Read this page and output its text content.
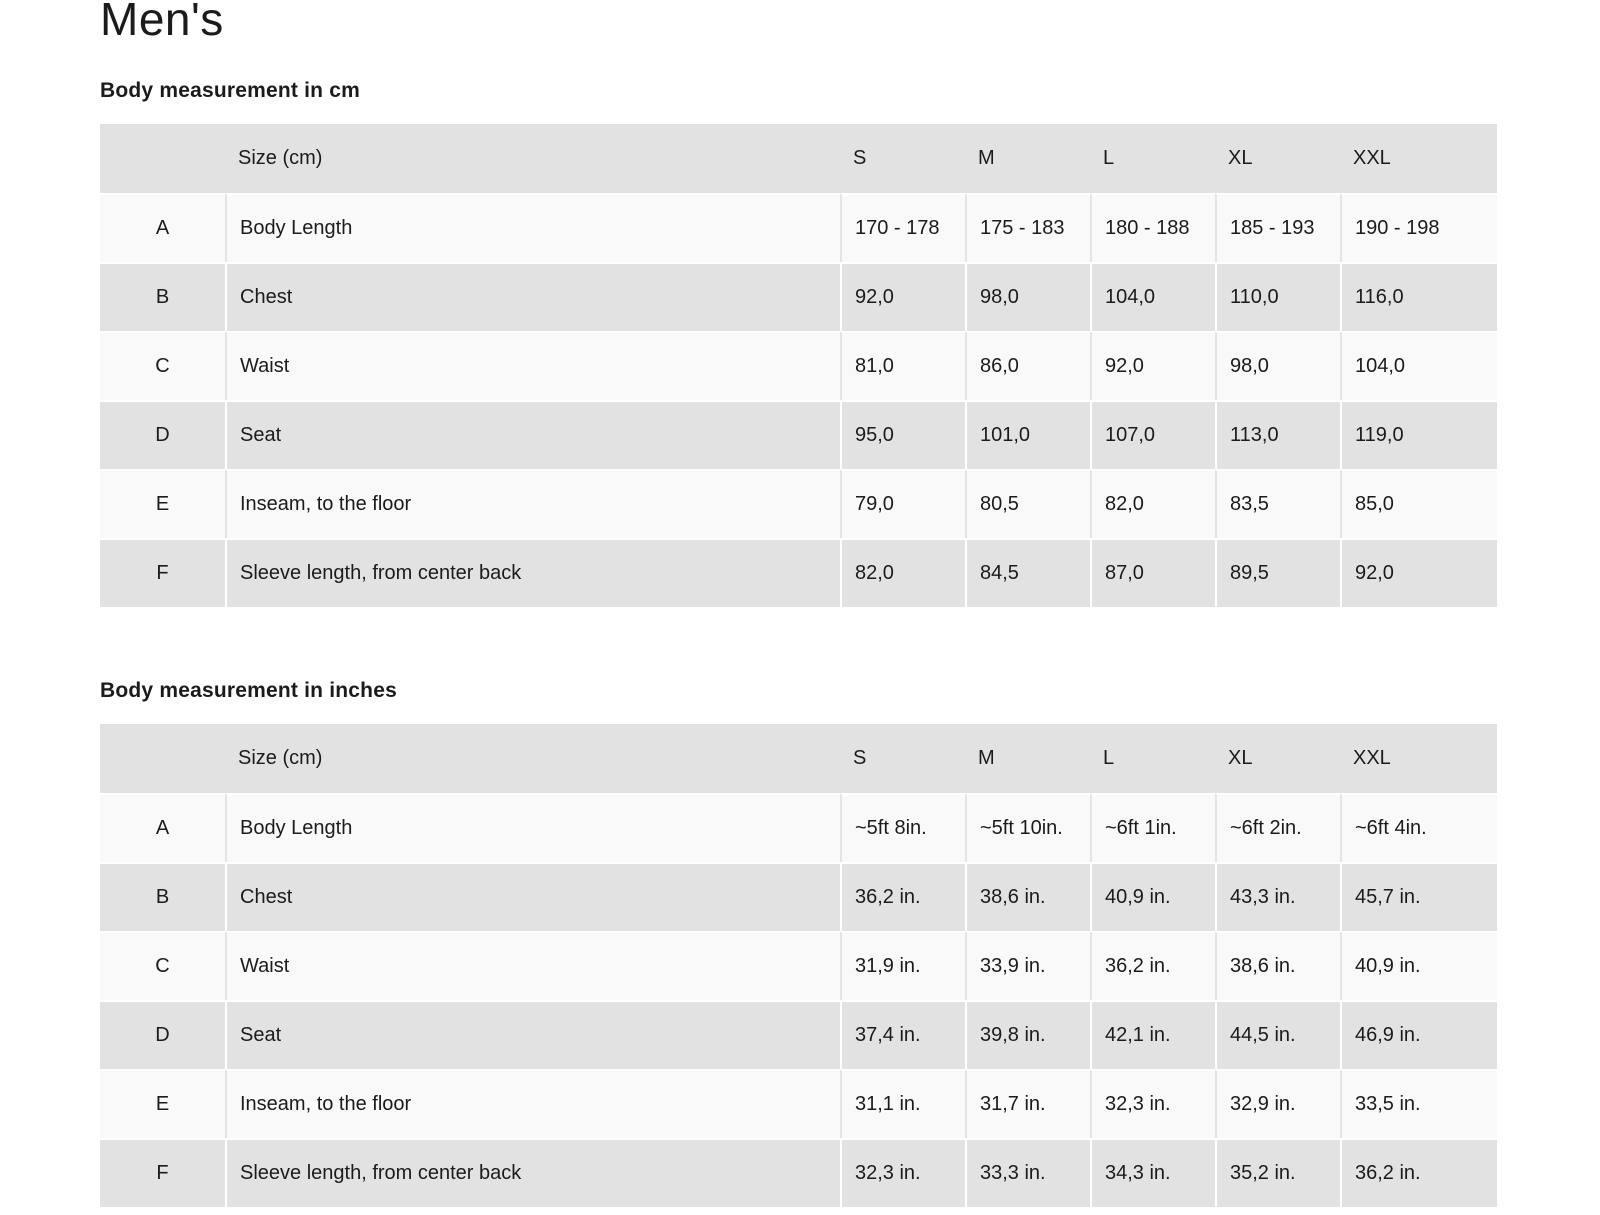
Men's
Body measurement in cm
	Size (cm)	S	M	L	XL	XXL
A	Body Length	170 - 178	175 - 183	180 - 188	185 - 193	190 - 198
B	Chest	92,0	98,0	104,0	110,0	116,0
C	Waist	81,0	86,0	92,0	98,0	104,0
D	Seat	95,0	101,0	107,0	113,0	119,0
E	Inseam, to the floor	79,0	80,5	82,0	83,5	85,0
F	Sleeve length, from center back	82,0	84,5	87,0	89,5	92,0
Body measurement in inches
	Size (cm)	S	M	L	XL	XXL
A	Body Length	~5ft 8in.	~5ft 10in.	~6ft 1in.	~6ft 2in.	~6ft 4in.
B	Chest	36,2 in.	38,6 in.	40,9 in.	43,3 in.	45,7 in.
C	Waist	31,9 in.	33,9 in.	36,2 in.	38,6 in.	40,9 in.
D	Seat	37,4 in.	39,8 in.	42,1 in.	44,5 in.	46,9 in.
E	Inseam, to the floor	31,1 in.	31,7 in.	32,3 in.	32,9 in.	33,5 in.
F	Sleeve length, from center back	32,3 in.	33,3 in.	34,3 in.	35,2 in.	36,2 in.
